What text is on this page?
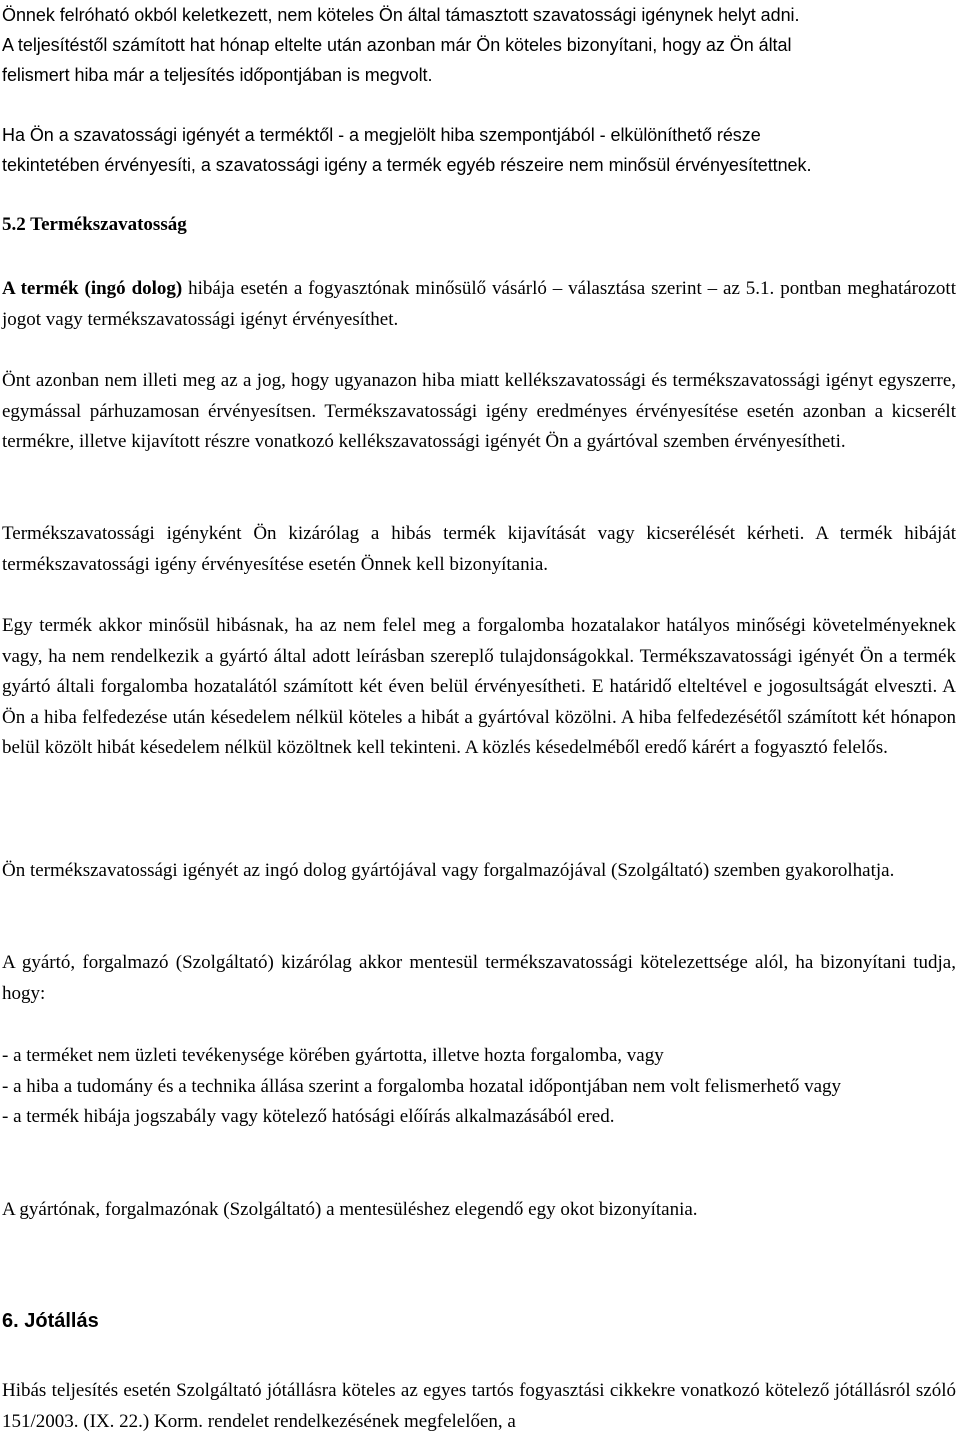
Önnek felróható okból keletkezett, nem köteles Ön által támasztott szavatossági igénynek helyt adni.
A teljesítéstől számított hat hónap eltelte után azonban már Ön köteles bizonyítani, hogy az Ön által
felismert hiba már a teljesítés időpontjában is megvolt.

Ha Ön a szavatossági igényét a terméktől - a megjelölt hiba szempontjából - elkülöníthető része
tekintetében érvényesíti, a szavatossági igény a termék egyéb részeire nem minősül érvényesítettnek.

5.2 Termékszavatosság

A termék (ingó dolog) hibája esetén a fogyasztónak minősülő vásárló – választása szerint – az 5.1. pontban meghatározott jogot vagy termékszavatossági igényt érvényesíthet.

Önt azonban nem illeti meg az a jog, hogy ugyanazon hiba miatt kellékszavatossági és termékszavatossági igényt egyszerre, egymással párhuzamosan érvényesítsen. Termékszavatossági igény eredményes érvényesítése esetén azonban a kicserélt termékre, illetve kijavított részre vonatkozó kellékszavatossági igényét Ön a gyártóval szemben érvényesítheti.

Termékszavatossági igényként Ön kizárólag a hibás termék kijavítását vagy kicserélését kérheti. A termék hibáját termékszavatossági igény érvényesítése esetén Önnek kell bizonyítania.

Egy termék akkor minősül hibásnak, ha az nem felel meg a forgalomba hozatalakor hatályos minőségi követelményeknek vagy, ha nem rendelkezik a gyártó által adott leírásban szereplő tulajdonságokkal. Termékszavatossági igényét Ön a termék gyártó általi forgalomba hozatalától számított két éven belül érvényesítheti. E határidő elteltével e jogosultságát elveszti. A Ön a hiba felfedezése után késedelem nélkül köteles a hibát a gyártóval közölni. A hiba felfedezésétől számított két hónapon belül közölt hibát késedelem nélkül közöltnek kell tekinteni. A közlés késedelméből eredő kárért a fogyasztó felelős.

Ön termékszavatossági igényét az ingó dolog gyártójával vagy forgalmazójával (Szolgáltató) szemben gyakorolhatja.

A gyártó, forgalmazó (Szolgáltató) kizárólag akkor mentesül termékszavatossági kötelezettsége alól, ha bizonyítani tudja, hogy:

- a terméket nem üzleti tevékenysége körében gyártotta, illetve hozta forgalomba, vagy
- a hiba a tudomány és a technika állása szerint a forgalomba hozatal időpontjában nem volt felismerhető vagy
- a termék hibája jogszabály vagy kötelező hatósági előírás alkalmazásából ered.

A gyártónak, forgalmazónak (Szolgáltató) a mentesüléshez elegendő egy okot bizonyítania.

6. Jótállás

Hibás teljesítés esetén Szolgáltató jótállásra köteles az egyes tartós fogyasztási cikkekre vonatkozó kötelező jótállásról szóló 151/2003. (IX. 22.) Korm. rendelet rendelkezésének megfelelően, a
